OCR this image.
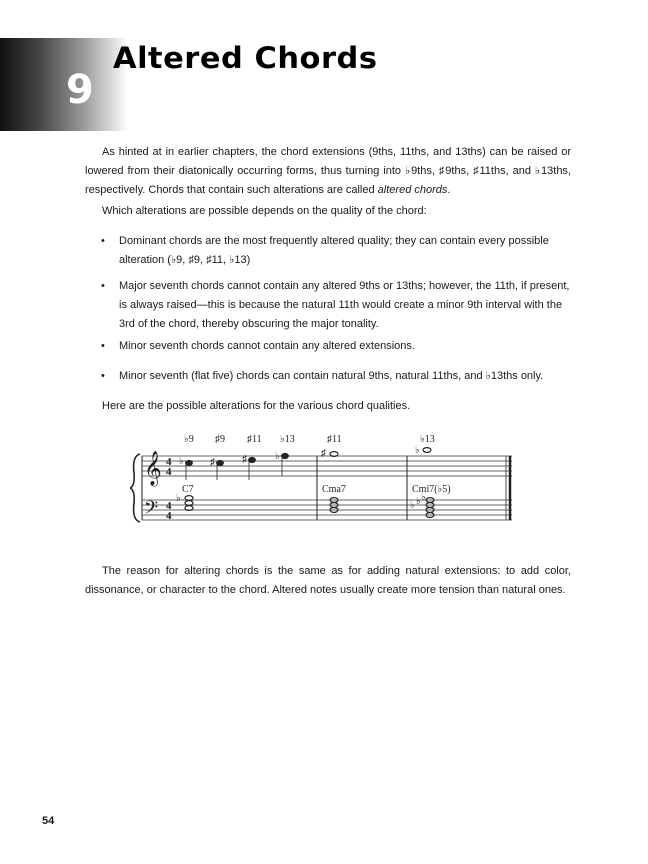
9
Altered Chords
As hinted at in earlier chapters, the chord extensions (9ths, 11ths, and 13ths) can be raised or lowered from their diatonically occurring forms, thus turning into ♭9ths, ♯9ths, ♯11ths, and ♭13ths, respectively. Chords that contain such alterations are called altered chords.
Which alterations are possible depends on the quality of the chord:
• Dominant chords are the most frequently altered quality; they can contain every possible alteration (♭9, ♯9, ♯11, ♭13)
• Major seventh chords cannot contain any altered 9ths or 13ths; however, the 11th, if present, is always raised—this is because the natural 11th would create a minor 9th interval with the 3rd of the chord, thereby obscuring the major tonality.
• Minor seventh chords cannot contain any altered extensions.
• Minor seventh (flat five) chords can contain natural 9ths, natural 11ths, and ♭13ths only.
Here are the possible alterations for the various chord qualities.
𝄞
𝄢
4
4
4
4
♭9 ♯9 ♯11 ♭13
♭	♯	♯	♭
C7
♭
♯11
♯
Cma7
♭13
♭
Cmi7(♭5)
♭ ♭ ♭
The reason for altering chords is the same as for adding natural extensions: to add color, dissonance, or character to the chord. Altered notes usually create more tension than natural ones.
54
